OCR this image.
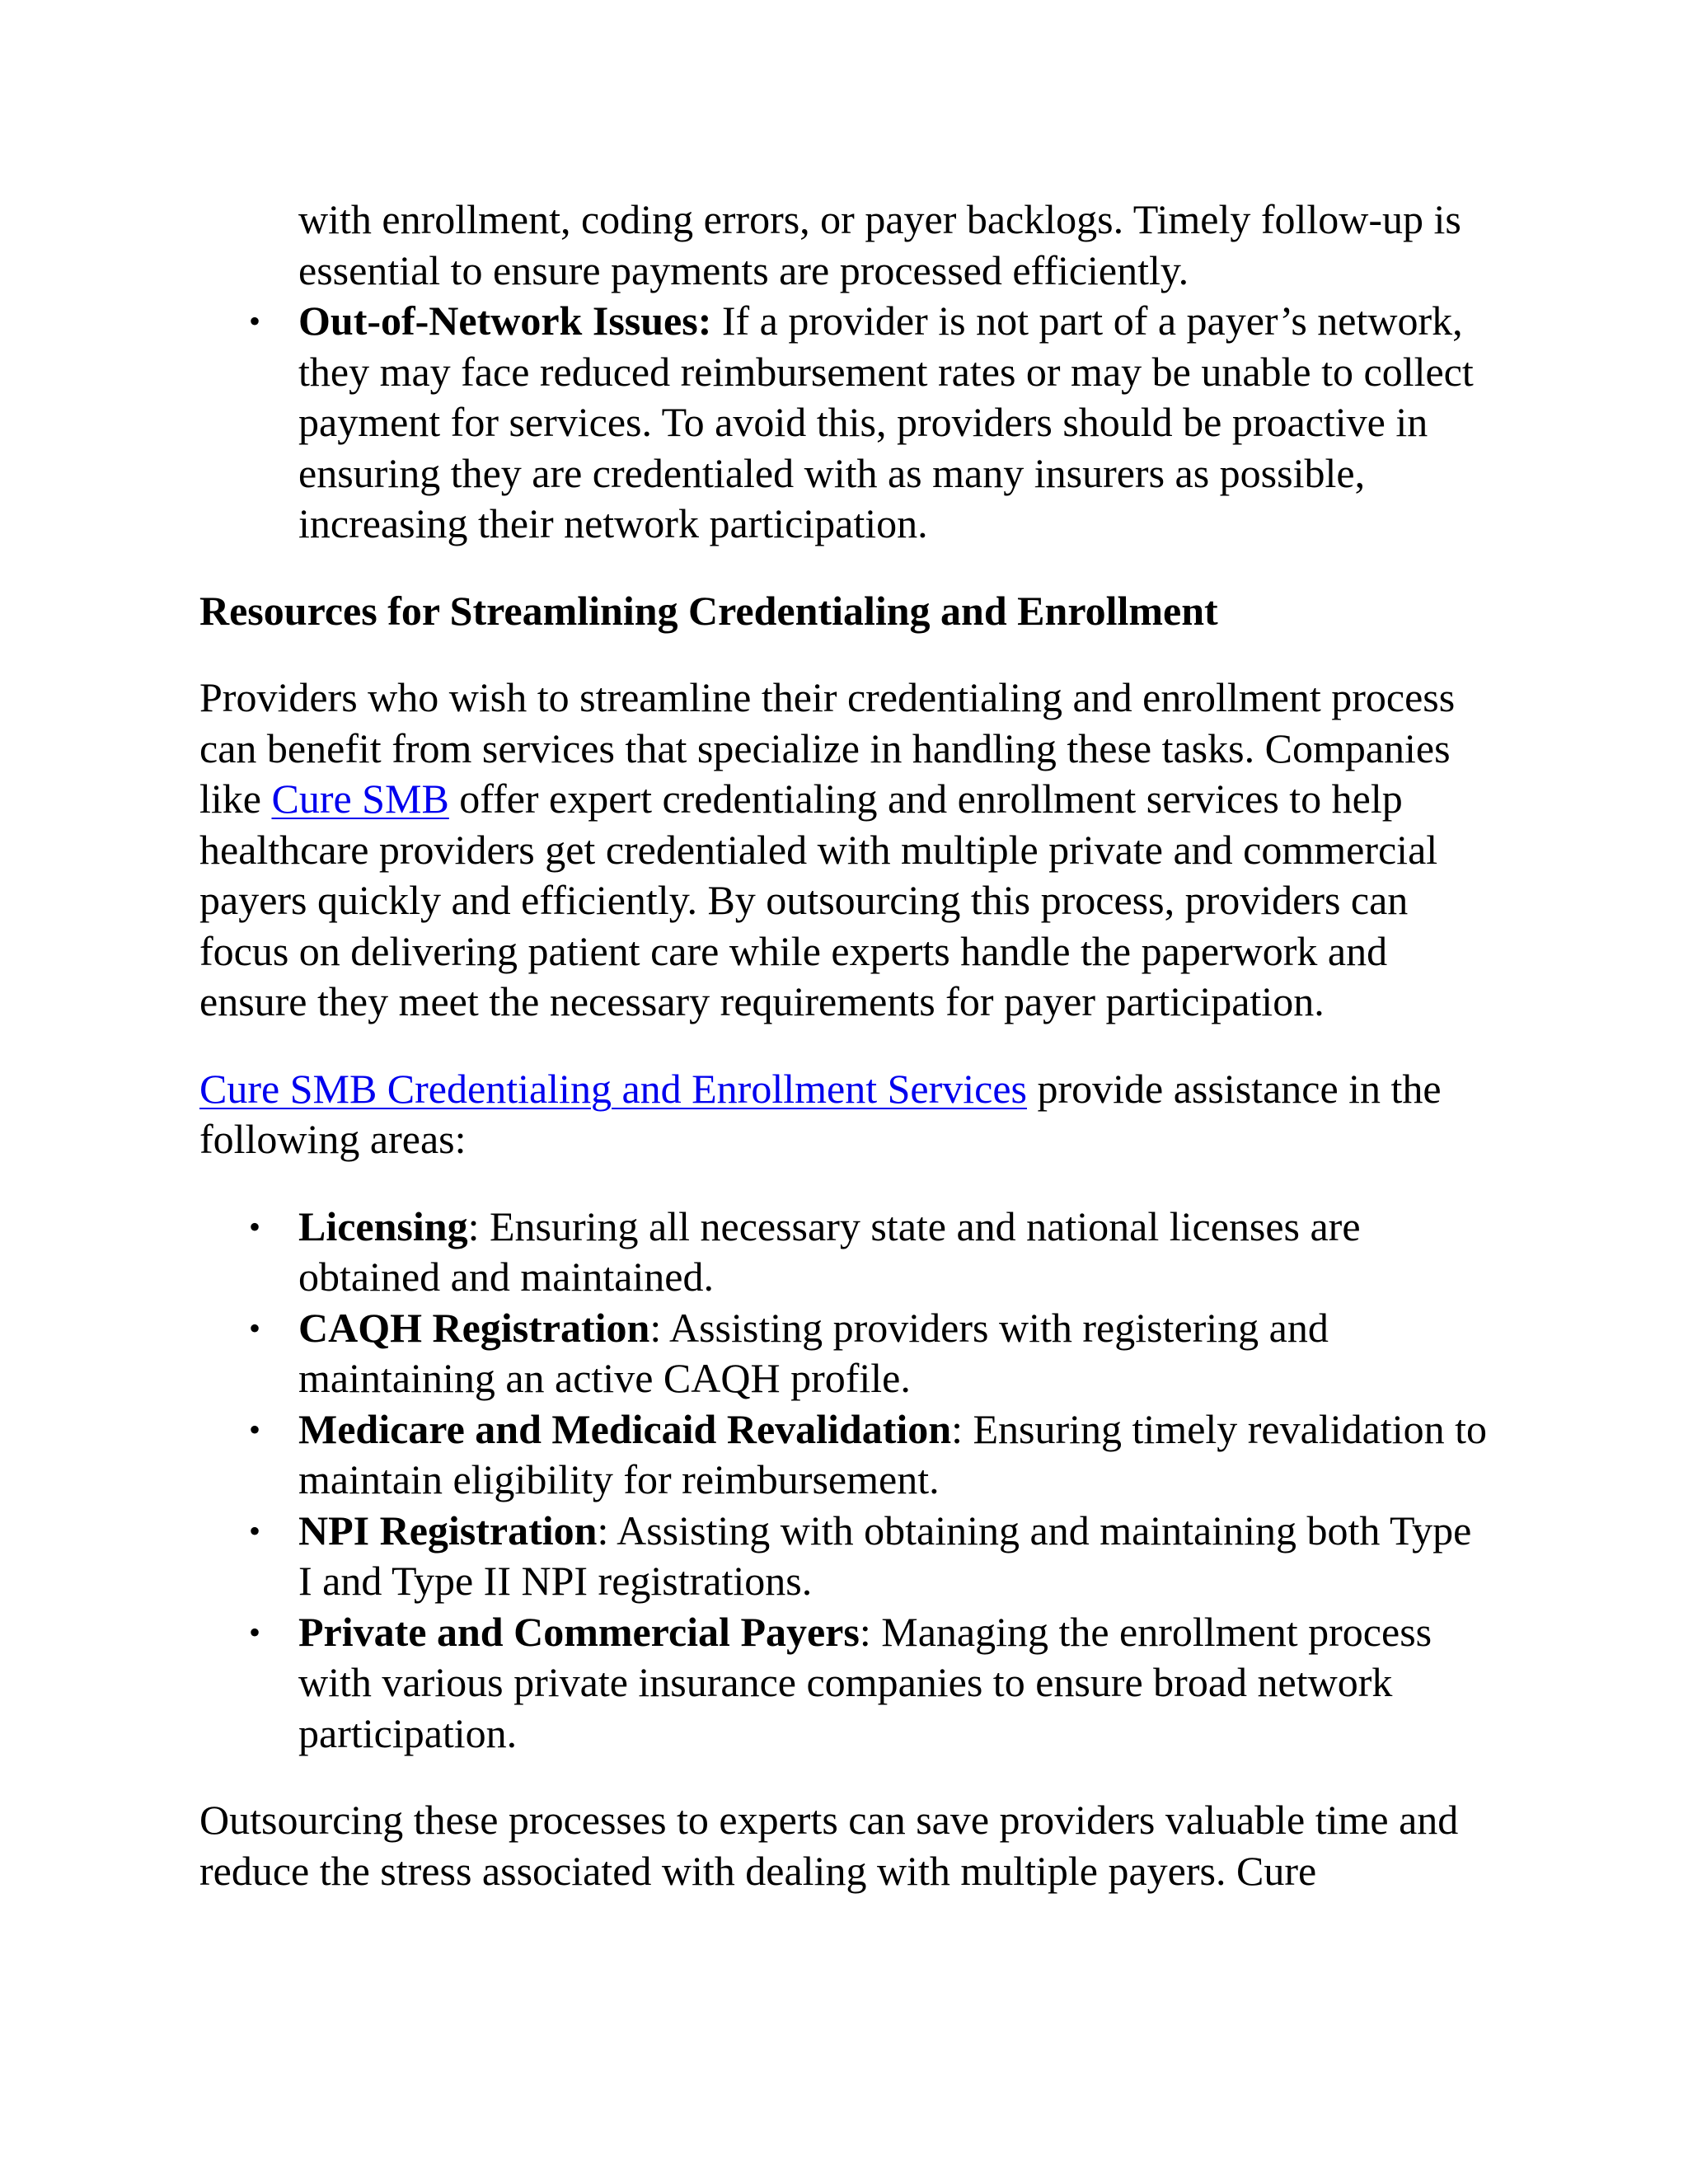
with enrollment, coding errors, or payer backlogs. Timely follow-up is essential to ensure payments are processed efficiently.
• Out-of-Network Issues: If a provider is not part of a payer’s network, they may face reduced reimbursement rates or may be unable to collect payment for services. To avoid this, providers should be proactive in ensuring they are credentialed with as many insurers as possible, increasing their network participation.
Resources for Streamlining Credentialing and Enrollment

Providers who wish to streamline their credentialing and enrollment process can benefit from services that specialize in handling these tasks. Companies like Cure SMB offer expert credentialing and enrollment services to help healthcare providers get credentialed with multiple private and commercial payers quickly and efficiently. By outsourcing this process, providers can focus on delivering patient care while experts handle the paperwork and ensure they meet the necessary requirements for payer participation.

Cure SMB Credentialing and Enrollment Services provide assistance in the following areas:

• Licensing: Ensuring all necessary state and national licenses are obtained and maintained.
• CAQH Registration: Assisting providers with registering and maintaining an active CAQH profile.
• Medicare and Medicaid Revalidation: Ensuring timely revalidation to maintain eligibility for reimbursement.
• NPI Registration: Assisting with obtaining and maintaining both Type I and Type II NPI registrations.
• Private and Commercial Payers: Managing the enrollment process with various private insurance companies to ensure broad network participation.

Outsourcing these processes to experts can save providers valuable time and reduce the stress associated with dealing with multiple payers. Cure
